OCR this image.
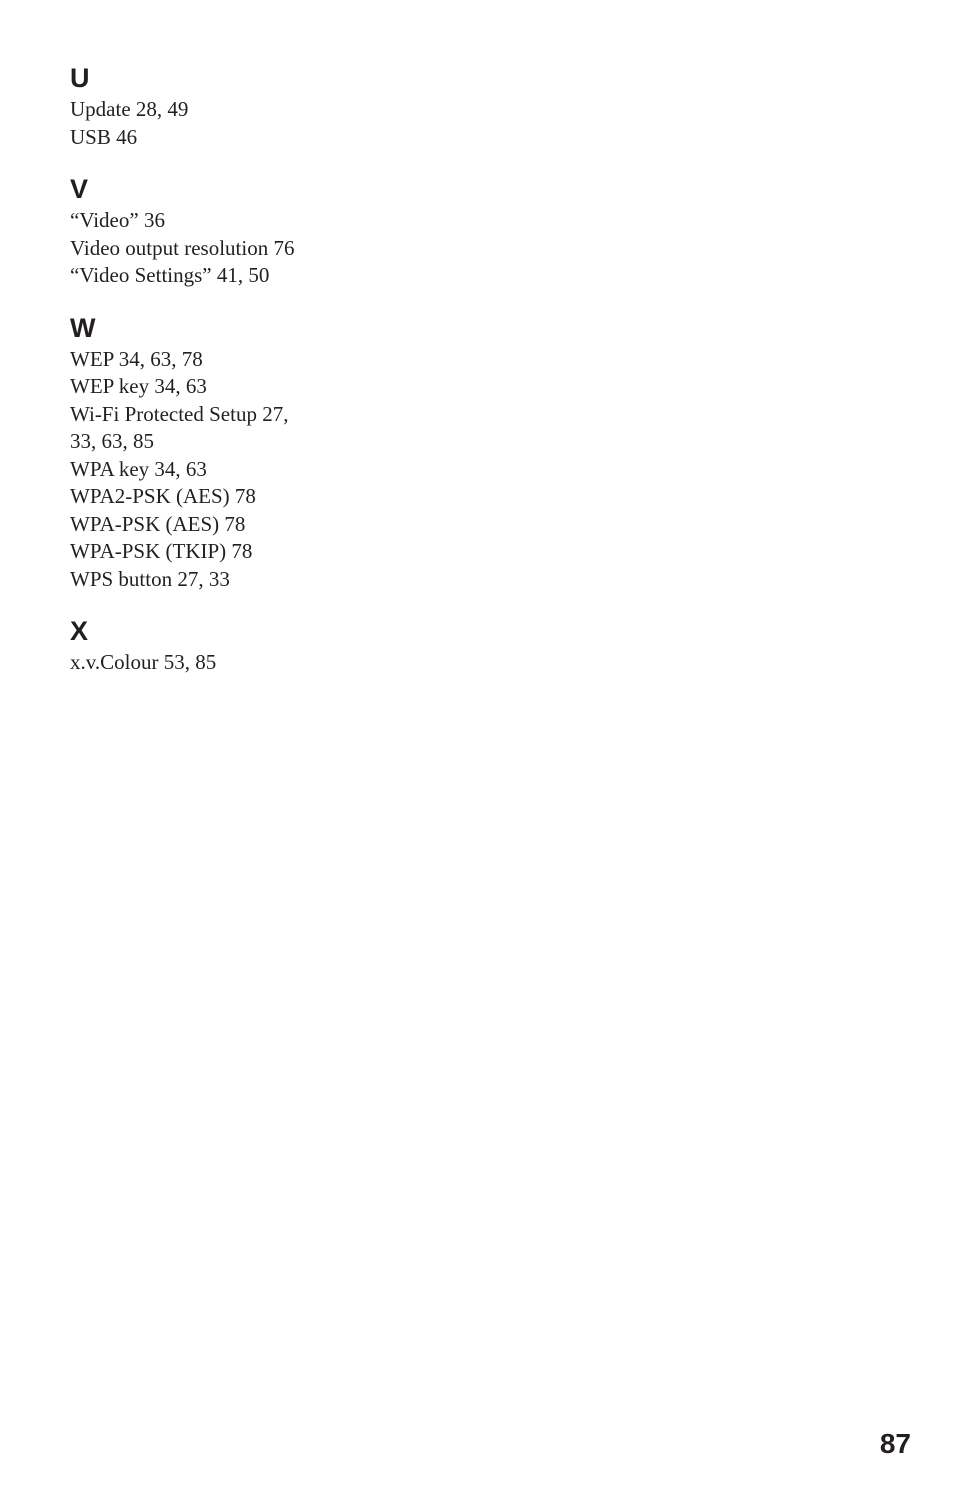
U
Update 28, 49
USB 46
V
“Video” 36
Video output resolution 76
“Video Settings” 41, 50
W
WEP 34, 63, 78
WEP key 34, 63
Wi-Fi Protected Setup 27,
33, 63, 85
WPA key 34, 63
WPA2-PSK (AES) 78
WPA-PSK (AES) 78
WPA-PSK (TKIP) 78
WPS button 27, 33
X
x.v.Colour 53, 85
87
